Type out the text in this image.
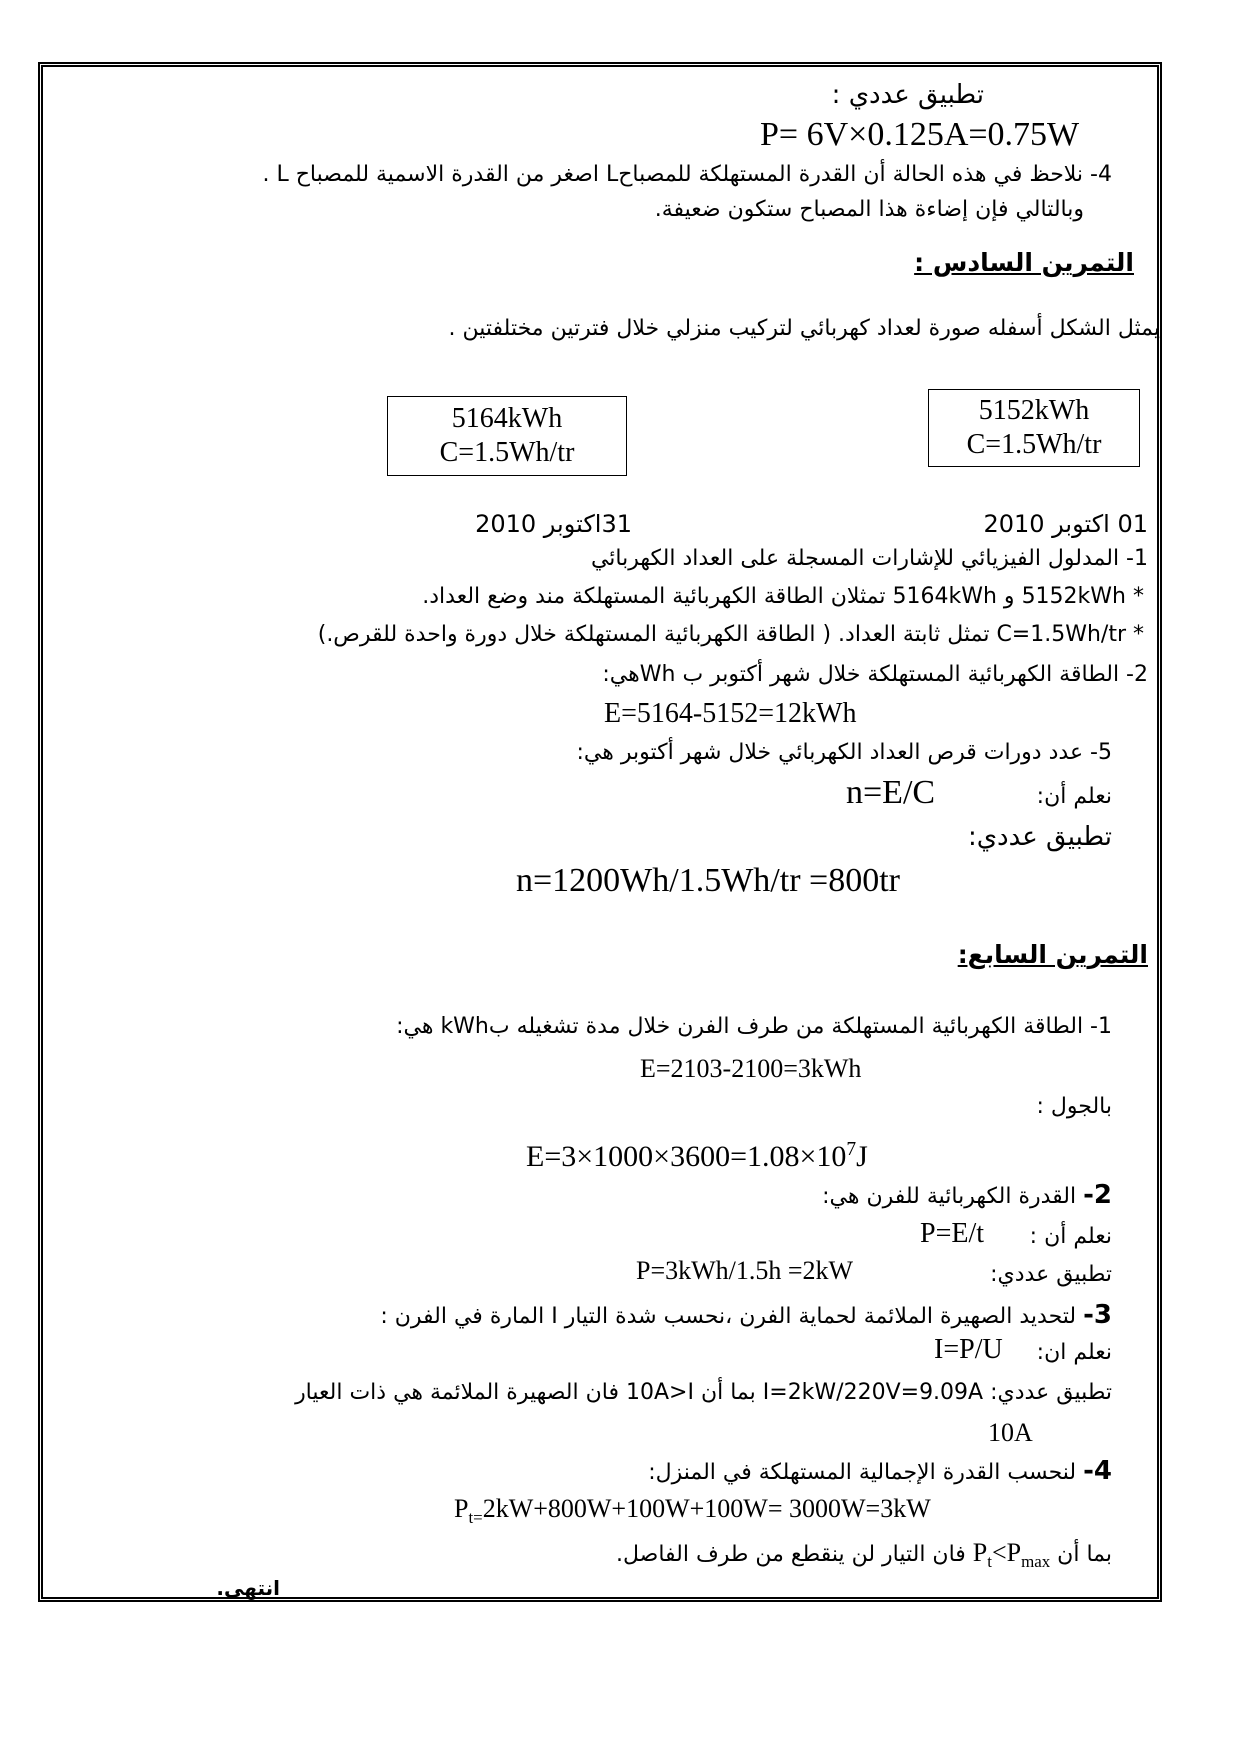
تطبيق عددي :
P= 6V×0.125A=0.75W
4- نلاحظ في هذه الحالة أن القدرة المستهلكة للمصباحL اصغر من القدرة الاسمية للمصباح L .
وبالتالي فإن إضاءة هذا المصباح ستكون ضعيفة.
التمرين السادس :
يمثل الشكل أسفله صورة لعداد كهربائي لتركيب منزلي خلال فترتين مختلفتين .
5152kWh
C=1.5Wh/tr
5164kWh
C=1.5Wh/tr
01 اكتوبر 2010
31اكتوبر 2010
1- المدلول الفيزيائي للإشارات المسجلة على العداد الكهربائي
* 5152kWh و 5164kWh تمثلان الطاقة الكهربائية المستهلكة مند وضع العداد.
* C=1.5Wh/tr تمثل ثابتة العداد. ( الطاقة الكهربائية المستهلكة خلال دورة واحدة للقرص.)
2- الطاقة الكهربائية المستهلكة خلال شهر أكتوبر ب Whهي:
E=5164-5152=12kWh
5- عدد دورات قرص العداد الكهربائي خلال شهر أكتوبر هي:
نعلم أن:
n=E/C
تطبيق عددي:
n=1200Wh/1.5Wh/tr =800tr
التمرين السابع:
1- الطاقة الكهربائية المستهلكة من طرف الفرن خلال مدة تشغيله بkWh هي:
E=2103-2100=3kWh
بالجول :
$E=3\times 1000\times 3600=1.08\times 10^7J$
2- القدرة الكهربائية للفرن هي:
نعلم أن :
P=E/t
تطبيق عددي:
P=3kWh/1.5h =2kW
3- لتحديد الصهيرة الملائمة لحماية الفرن ،نحسب شدة التيار I المارة في الفرن :
نعلم ان:
I=P/U
تطبيق عددي: I=2kW/220V=9.09A بما أن 10A>I فان الصهيرة الملائمة هي ذات العيار
10A
4- لنحسب القدرة الإجمالية المستهلكة في المنزل:
$P_{t=}2kW+800W+100W+100W= 3000W=3kW$
بما أن $P_t<P_{max}$ فان التيار لن ينقطع من طرف الفاصل.
انتهى.
